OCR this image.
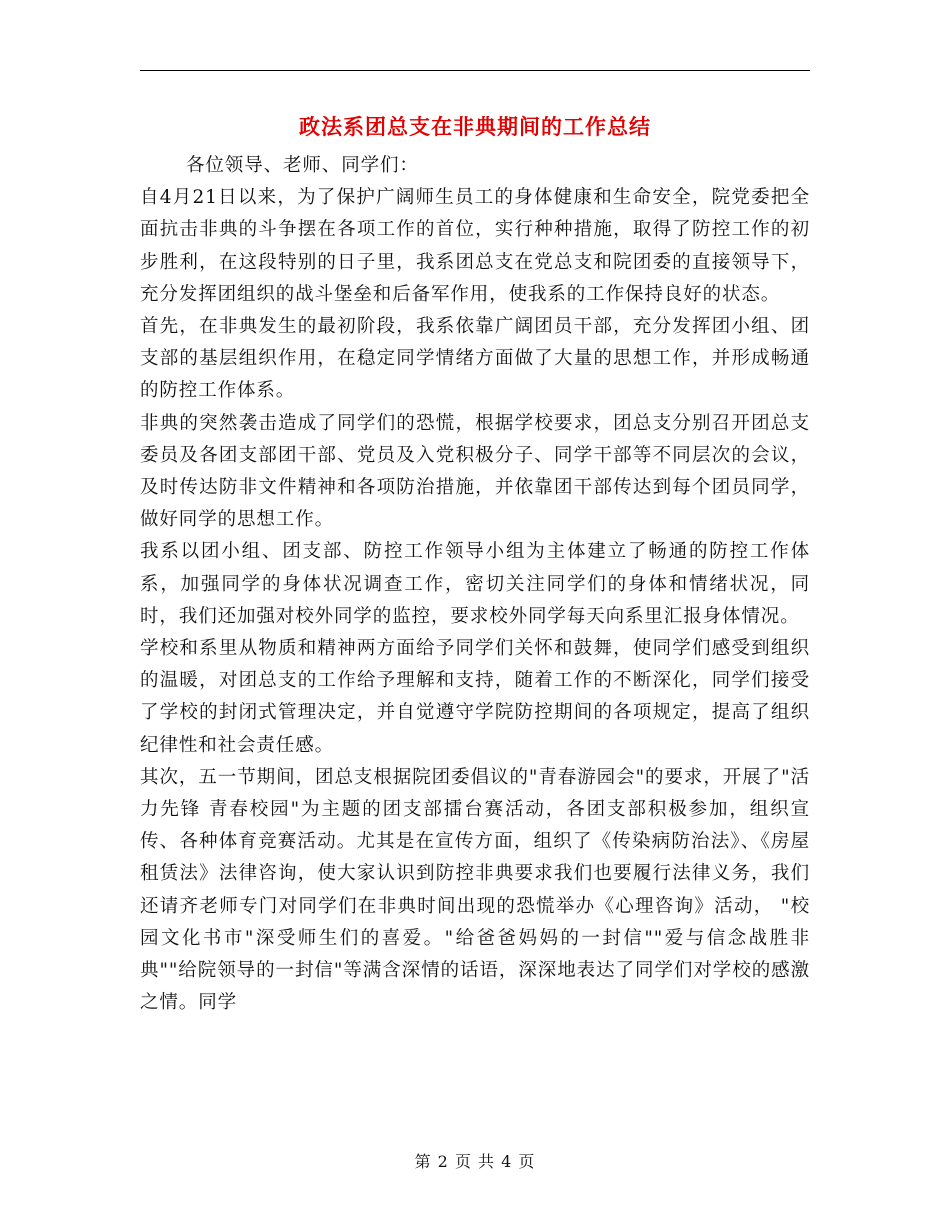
政法系团总支在非典期间的工作总结

各位领导、老师、同学们：

自4月21日以来，为了保护广阔师生员工的身体健康和生命安全，院党委把全面抗击非典的斗争摆在各项工作的首位，实行种种措施，取得了防控工作的初步胜利，在这段特别的日子里，我系团总支在党总支和院团委的直接领导下，充分发挥团组织的战斗堡垒和后备军作用，使我系的工作保持良好的状态。

首先，在非典发生的最初阶段，我系依靠广阔团员干部，充分发挥团小组、团支部的基层组织作用，在稳定同学情绪方面做了大量的思想工作，并形成畅通的防控工作体系。

非典的突然袭击造成了同学们的恐慌，根据学校要求，团总支分别召开团总支委员及各团支部团干部、党员及入党积极分子、同学干部等不同层次的会议，及时传达防非文件精神和各项防治措施，并依靠团干部传达到每个团员同学，做好同学的思想工作。

我系以团小组、团支部、防控工作领导小组为主体建立了畅通的防控工作体系，加强同学的身体状况调查工作，密切关注同学们的身体和情绪状况，同时，我们还加强对校外同学的监控，要求校外同学每天向系里汇报身体情况。

学校和系里从物质和精神两方面给予同学们关怀和鼓舞，使同学们感受到组织的温暖，对团总支的工作给予理解和支持，随着工作的不断深化，同学们接受了学校的封闭式管理决定，并自觉遵守学院防控期间的各项规定，提高了组织纪律性和社会责任感。

其次，五一节期间，团总支根据院团委倡议的"青春游园会"的要求，开展了"活力先锋 青春校园"为主题的团支部擂台赛活动，各团支部积极参加，组织宣传、各种体育竞赛活动。尤其是在宣传方面，组织了《传染病防治法》、《房屋租赁法》法律咨询，使大家认识到防控非典要求我们也要履行法律义务，我们还请齐老师专门对同学们在非典时间出现的恐慌举办《心理咨询》活动， "校园文化书市"深受师生们的喜爱。"给爸爸妈妈的一封信""爱与信念战胜非典""给院领导的一封信"等满含深情的话语，深深地表达了同学们对学校的感激之情。同学

第 2 页 共 4 页
